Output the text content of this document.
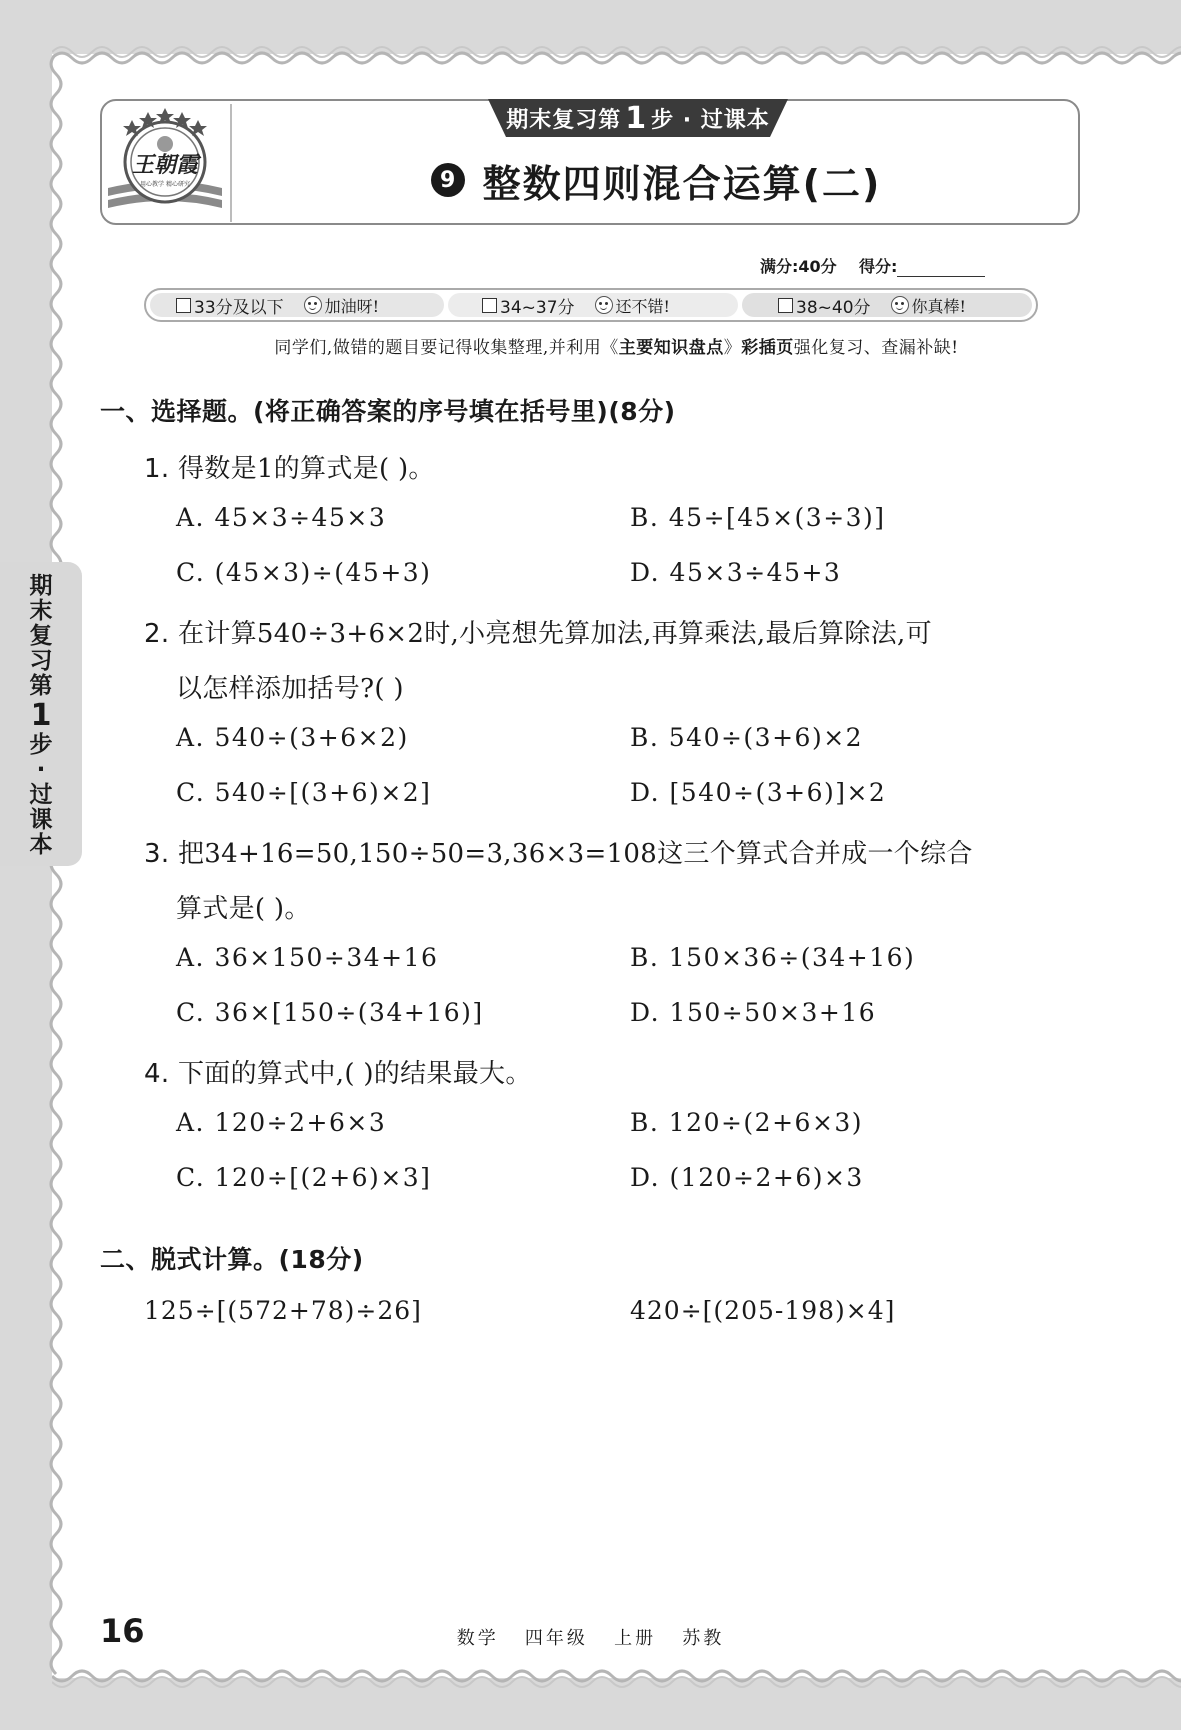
王朝霞
用心教学 精心研究
期末复习第 1 步 · 过课本
9 整数四则混合运算(二)
满分:40分 得分:
33分及以下	加油呀!	34~37分	还不错!	38~40分	你真棒!
同学们,做错的题目要记得收集整理,并利用《主要知识盘点》彩插页强化复习、查漏补缺!
期
末
复
习
第
1
步
·
过
课
本
一、选择题。(将正确答案的序号填在括号里)(8分)
1. 得数是1的算式是( )。
A. 45×3÷45×3	B. 45÷[45×(3÷3)]
C. (45×3)÷(45+3)	D. 45×3÷45+3
2. 在计算540÷3+6×2时,小亮想先算加法,再算乘法,最后算除法,可
以怎样添加括号?( )
A. 540÷(3+6×2)	B. 540÷(3+6)×2
C. 540÷[(3+6)×2]	D. [540÷(3+6)]×2
3. 把34+16=50,150÷50=3,36×3=108这三个算式合并成一个综合
算式是( )。
A. 36×150÷34+16	B. 150×36÷(34+16)
C. 36×[150÷(34+16)]	D. 150÷50×3+16
4. 下面的算式中,( )的结果最大。
A. 120÷2+6×3	B. 120÷(2+6×3)
C. 120÷[(2+6)×3]	D. (120÷2+6)×3
二、脱式计算。(18分)
125÷[(572+78)÷26]	420÷[(205-198)×4]
16	数学   四年级   上册   苏教
